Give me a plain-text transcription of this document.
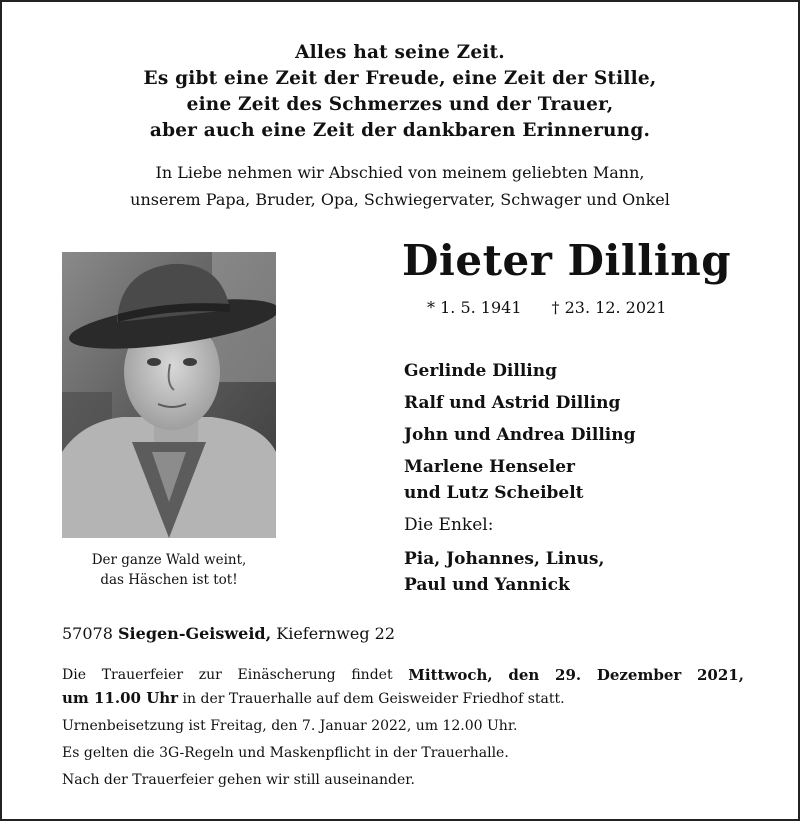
Alles hat seine Zeit.
Es gibt eine Zeit der Freude, eine Zeit der Stille,
eine Zeit des Schmerzes und der Trauer,
aber auch eine Zeit der dankbaren Erinnerung.
In Liebe nehmen wir Abschied von meinem geliebten Mann,
unserem Papa, Bruder, Opa, Schwiegervater, Schwager und Onkel
Dieter Dilling
* 1. 5. 1941 † 23. 12. 2021
Der ganze Wald weint,
das Häschen ist tot!
Gerlinde Dilling
Ralf und Astrid Dilling
John und Andrea Dilling
Marlene Henseler
und Lutz Scheibelt
Die Enkel:
Pia, Johannes, Linus,
Paul und Yannick
57078 Siegen-Geisweid, Kiefernweg 22
Die Trauerfeier zur Einäscherung findet Mittwoch, den 29. Dezember 2021,
um 11.00 Uhr in der Trauerhalle auf dem Geisweider Friedhof statt.
Urnenbeisetzung ist Freitag, den 7. Januar 2022, um 12.00 Uhr.
Es gelten die 3G-Regeln und Maskenpflicht in der Trauerhalle.
Nach der Trauerfeier gehen wir still auseinander.
